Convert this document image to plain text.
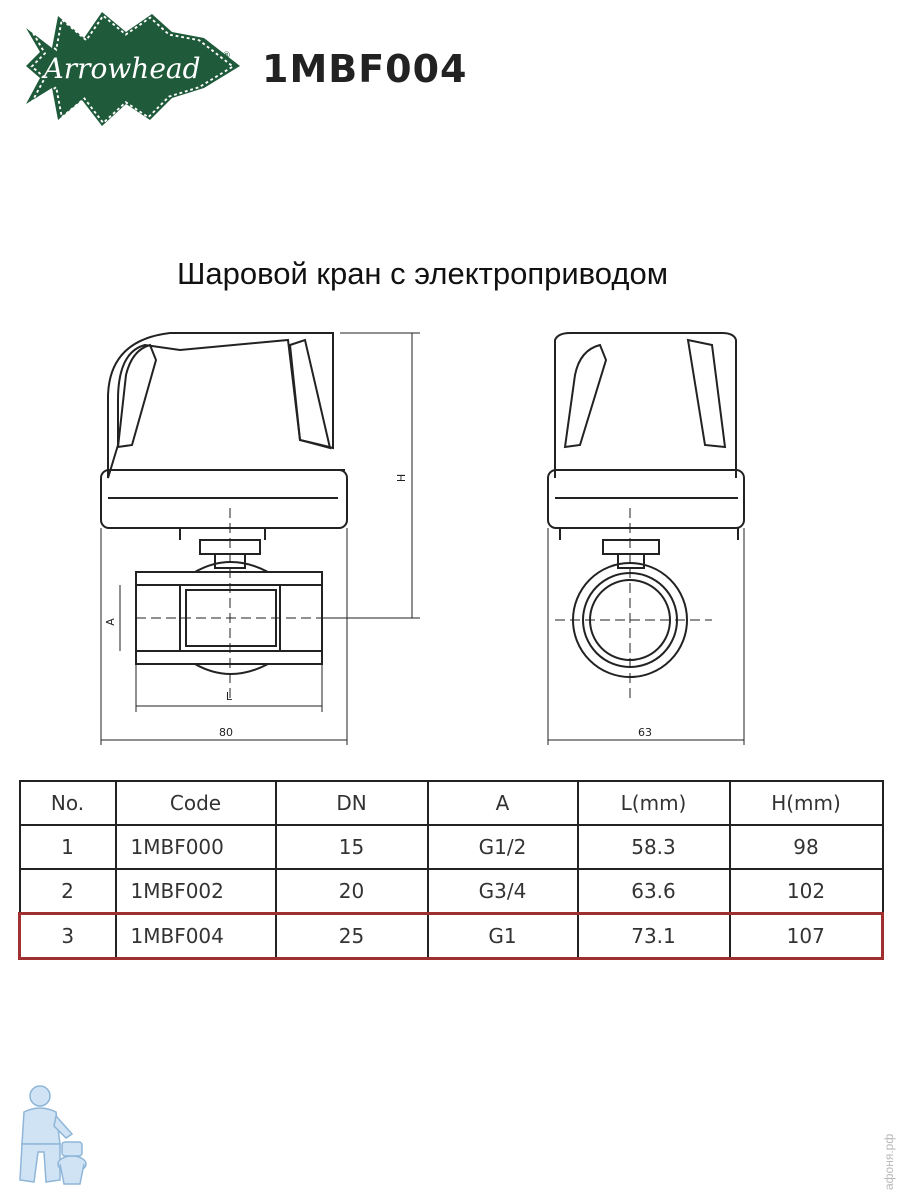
Arrowhead ® 1MBF004
Шаровой кран с электроприводом
H
A
L
80	63
No.	Code	DN	A	L(mm)	H(mm)
1	1MBF000	15	G1/2	58.3	98
2	1MBF002	20	G3/4	63.6	102
3	1MBF004	25	G1	73.1	107
афоня.рф
